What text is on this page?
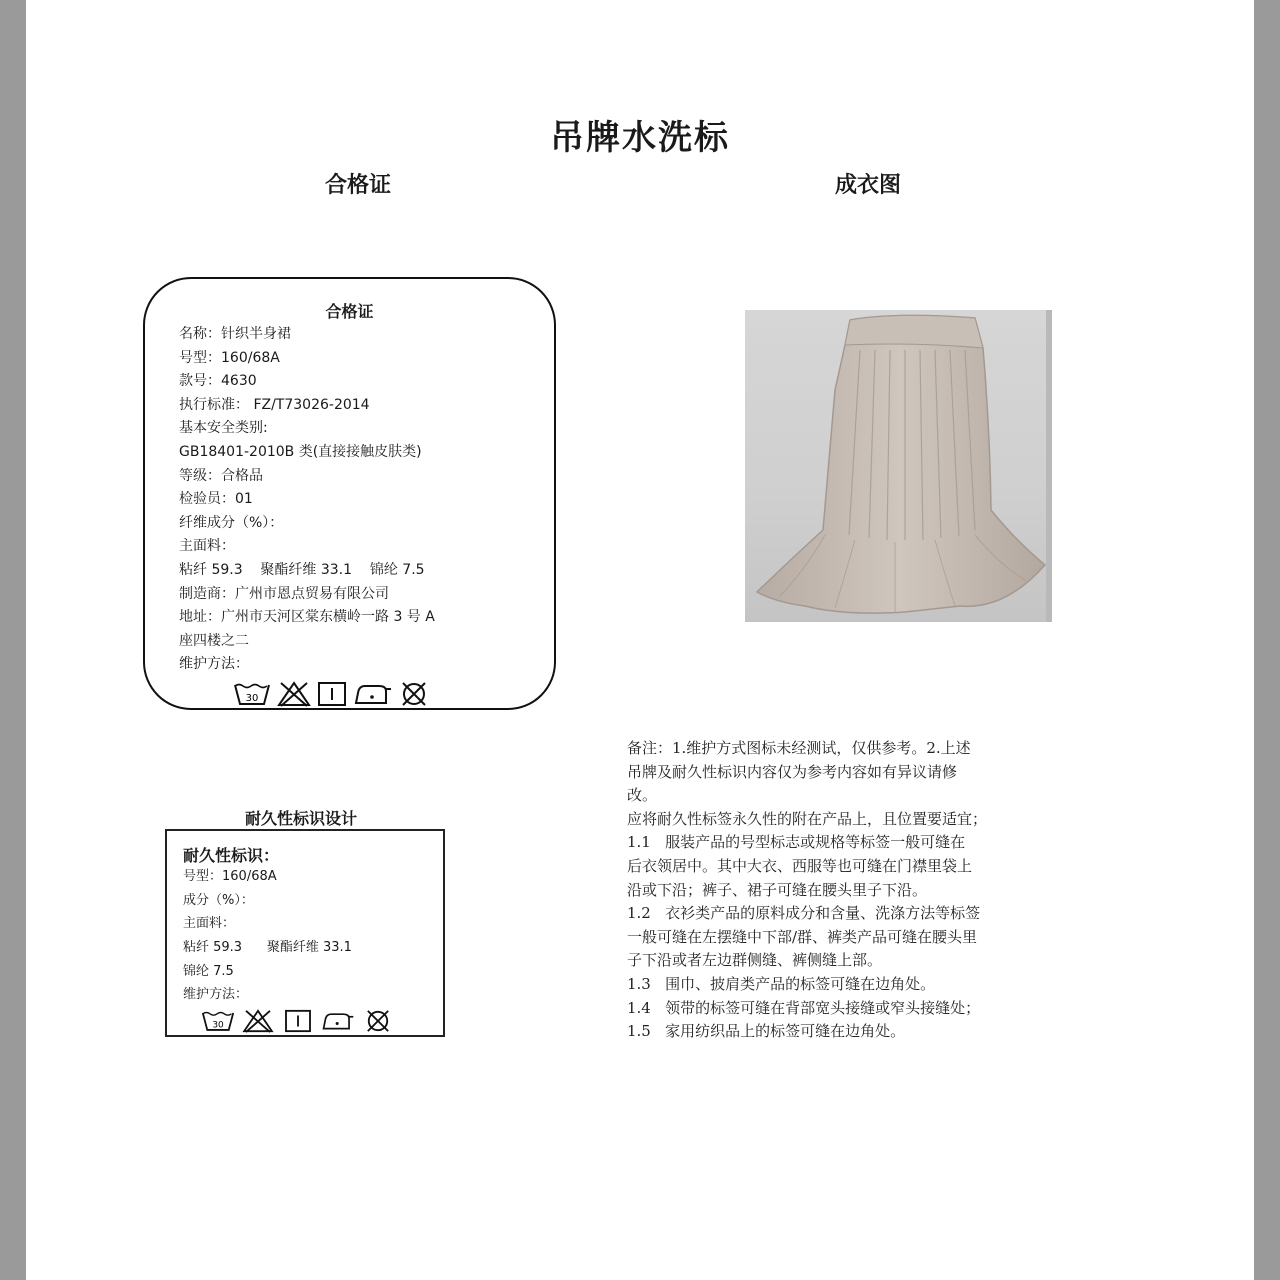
吊牌水洗标
合格证	成衣图
合格证
名称：针织半身裙
号型：160/68A
款号：4630
执行标准： FZ/T73026-2014
基本安全类别:
GB18401-2010B 类(直接接触皮肤类)
等级：合格品
检验员：01
纤维成分（%）：
主面料：
粘纤 59.3    聚酯纤维 33.1    锦纶 7.5
制造商：广州市恩点贸易有限公司
地址：广州市天河区棠东横岭一路 3 号 A
座四楼之二
维护方法：
30
耐久性标识设计
耐久性标识：
号型：160/68A
成分（%）：
主面料：
粘纤 59.3      聚酯纤维 33.1
锦纶 7.5
维护方法：
30
备注：1.维护方式图标未经测试，仅供参考。2.上述
吊牌及耐久性标识内容仅为参考内容如有异议请修
改。
应将耐久性标签永久性的附在产品上，且位置要适宜；
1.1   服装产品的号型标志或规格等标签一般可缝在
后衣领居中。其中大衣、西服等也可缝在门襟里袋上
沿或下沿；裤子、裙子可缝在腰头里子下沿。
1.2   衣衫类产品的原料成分和含量、洗涤方法等标签
一般可缝在左摆缝中下部/群、裤类产品可缝在腰头里
子下沿或者左边群侧缝、裤侧缝上部。
1.3   围巾、披肩类产品的标签可缝在边角处。
1.4   领带的标签可缝在背部宽头接缝或窄头接缝处；
1.5   家用纺织品上的标签可缝在边角处。
